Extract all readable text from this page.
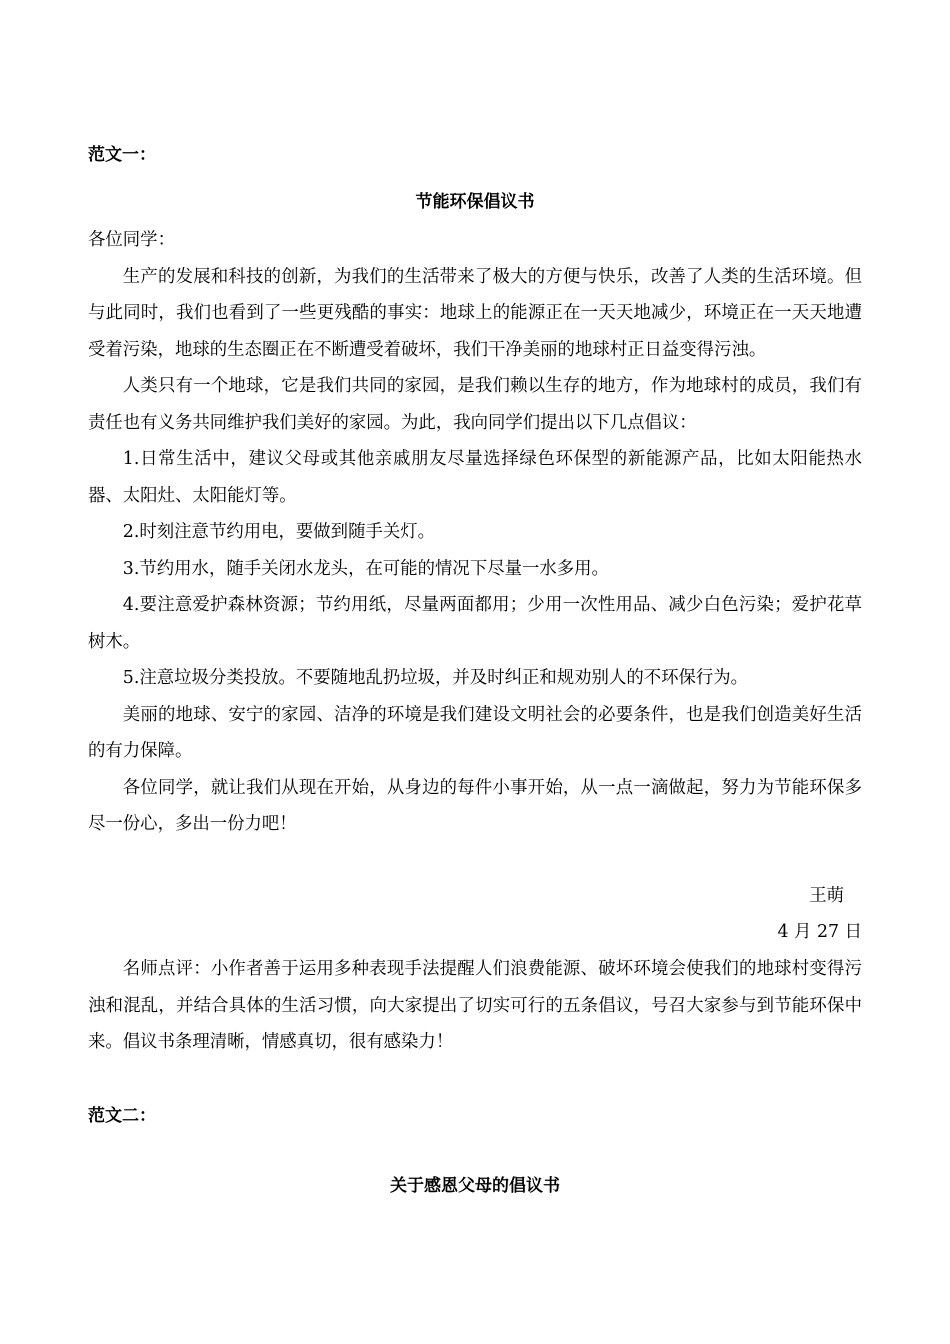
范文一：
节能环保倡议书

各位同学：

生产的发展和科技的创新，为我们的生活带来了极大的方便与快乐，改善了人类的生活环境。但与此同时，我们也看到了一些更残酷的事实：地球上的能源正在一天天地减少，环境正在一天天地遭受着污染，地球的生态圈正在不断遭受着破坏，我们干净美丽的地球村正日益变得污浊。

人类只有一个地球，它是我们共同的家园，是我们赖以生存的地方，作为地球村的成员，我们有责任也有义务共同维护我们美好的家园。为此，我向同学们提出以下几点倡议：

1.日常生活中，建议父母或其他亲戚朋友尽量选择绿色环保型的新能源产品，比如太阳能热水器、太阳灶、太阳能灯等。

2.时刻注意节约用电，要做到随手关灯。

3.节约用水，随手关闭水龙头，在可能的情况下尽量一水多用。

4.要注意爱护森林资源；节约用纸，尽量两面都用；少用一次性用品、减少白色污染；爱护花草树木。

5.注意垃圾分类投放。不要随地乱扔垃圾，并及时纠正和规劝别人的不环保行为。

美丽的地球、安宁的家园、洁净的环境是我们建设文明社会的必要条件，也是我们创造美好生活的有力保障。

各位同学，就让我们从现在开始，从身边的每件小事开始，从一点一滴做起，努力为节能环保多尽一份心，多出一份力吧！

王萌
4 月 27 日

名师点评：小作者善于运用多种表现手法提醒人们浪费能源、破坏环境会使我们的地球村变得污浊和混乱，并结合具体的生活习惯，向大家提出了切实可行的五条倡议，号召大家参与到节能环保中来。倡议书条理清晰，情感真切，很有感染力！

范文二：
关于感恩父母的倡议书
